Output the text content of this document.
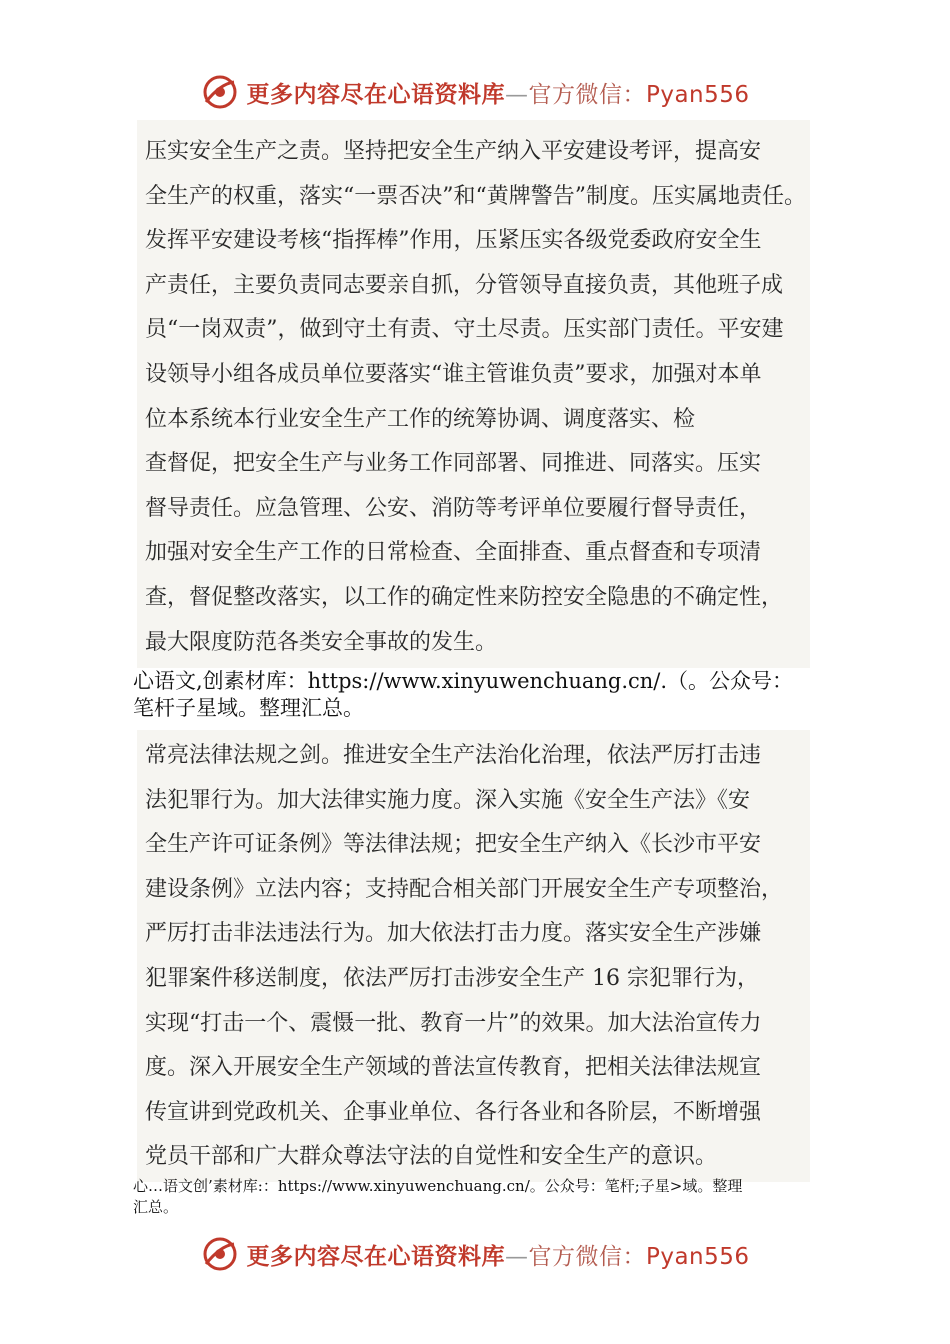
更多内容尽在心语资料库—官方微信：Pyan556
压实安全生产之责。坚持把安全生产纳入平安建设考评，提高安
全生产的权重，落实“一票否决”和“黄牌警告”制度。压实属地责任。
发挥平安建设考核“指挥棒”作用，压紧压实各级党委政府安全生
产责任，主要负责同志要亲自抓，分管领导直接负责，其他班子成
员“一岗双责”，做到守土有责、守土尽责。压实部门责任。平安建
设领导小组各成员单位要落实“谁主管谁负责”要求，加强对本单
位本系统本行业安全生产工作的统筹协调、调度落实、检
查督促，把安全生产与业务工作同部署、同推进、同落实。压实
督导责任。应急管理、公安、消防等考评单位要履行督导责任，
加强对安全生产工作的日常检查、全面排查、重点督查和专项清
查，督促整改落实，以工作的确定性来防控安全隐患的不确定性，
最大限度防范各类安全事故的发生。
心语文,创素材库：https://www.xinyuwenchuang.cn/.（。公众号：
笔杆子星域。整理汇总。
常亮法律法规之剑。推进安全生产法治化治理，依法严厉打击违
法犯罪行为。加大法律实施力度。深入实施《安全生产法》《安
全生产许可证条例》等法律法规；把安全生产纳入《长沙市平安
建设条例》立法内容；支持配合相关部门开展安全生产专项整治，
严厉打击非法违法行为。加大依法打击力度。落实安全生产涉嫌
犯罪案件移送制度，依法严厉打击涉安全生产 16 宗犯罪行为，
实现“打击一个、震慑一批、教育一片”的效果。加大法治宣传力
度。深入开展安全生产领域的普法宣传教育，把相关法律法规宣
传宣讲到党政机关、企事业单位、各行各业和各阶层，不断增强
党员干部和广大群众尊法守法的自觉性和安全生产的意识。
心…语文创’素材库:：https://www.xinyuwenchuang.cn/。公众号：笔杆;子星>域。整理
汇总。
更多内容尽在心语资料库—官方微信：Pyan556
